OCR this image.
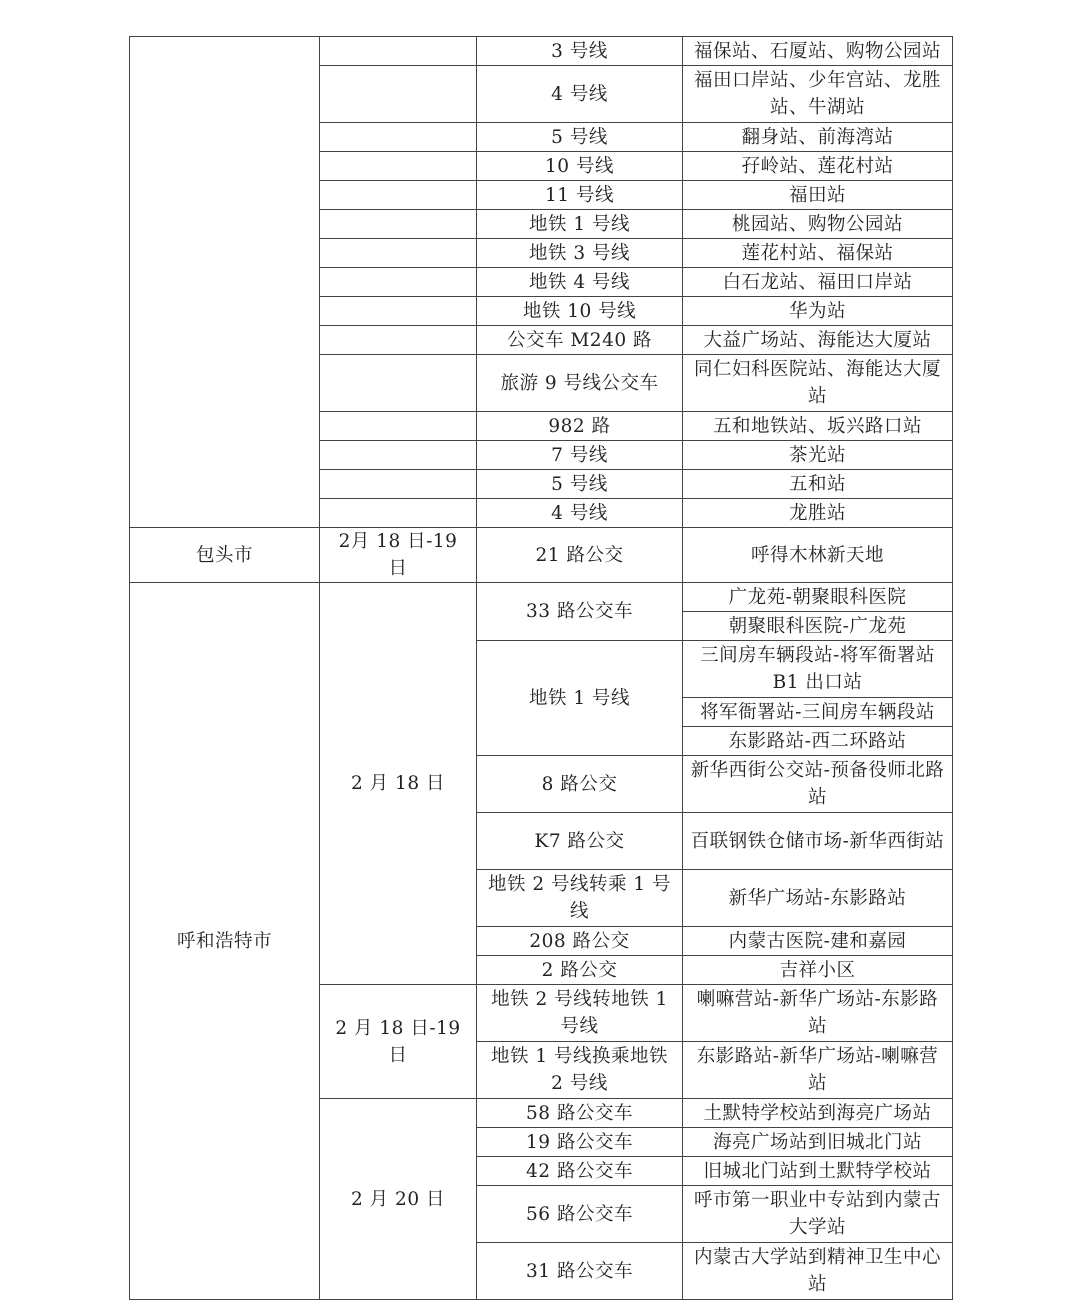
		3 号线	福保站、石厦站、购物公园站
		4 号线	福田口岸站、少年宫站、龙胜站、牛湖站
		5 号线	翻身站、前海湾站
		10 号线	孖岭站、莲花村站
		11 号线	福田站
		地铁 1 号线	桃园站、购物公园站
		地铁 3 号线	莲花村站、福保站
		地铁 4 号线	白石龙站、福田口岸站
		地铁 10 号线	华为站
		公交车 M240 路	大益广场站、海能达大厦站
		旅游 9 号线公交车	同仁妇科医院站、海能达大厦站
		982 路	五和地铁站、坂兴路口站
		7 号线	茶光站
		5 号线	五和站
		4 号线	龙胜站
包头市	2月 18 日-19 日	21 路公交	呼得木林新天地
呼和浩特市	2 月 18 日	33 路公交车	广龙苑-朝聚眼科医院
			朝聚眼科医院-广龙苑
		地铁 1 号线	三间房车辆段站-将军衙署站 B1 出口站
			将军衙署站-三间房车辆段站
			东影路站-西二环路站
		8 路公交	新华西街公交站-预备役师北路站
		K7 路公交	百联钢铁仓储市场-新华西街站
		地铁 2 号线转乘 1 号线	新华广场站-东影路站
		208 路公交	内蒙古医院-建和嘉园
		2 路公交	吉祥小区
	2 月 18 日-19 日	地铁 2 号线转地铁 1 号线	喇嘛营站-新华广场站-东影路站
		地铁 1 号线换乘地铁 2 号线	东影路站-新华广场站-喇嘛营站
	2 月 20 日	58 路公交车	土默特学校站到海亮广场站
		19 路公交车	海亮广场站到旧城北门站
		42 路公交车	旧城北门站到土默特学校站
		56 路公交车	呼市第一职业中专站到内蒙古大学站
		31 路公交车	内蒙古大学站到精神卫生中心站
